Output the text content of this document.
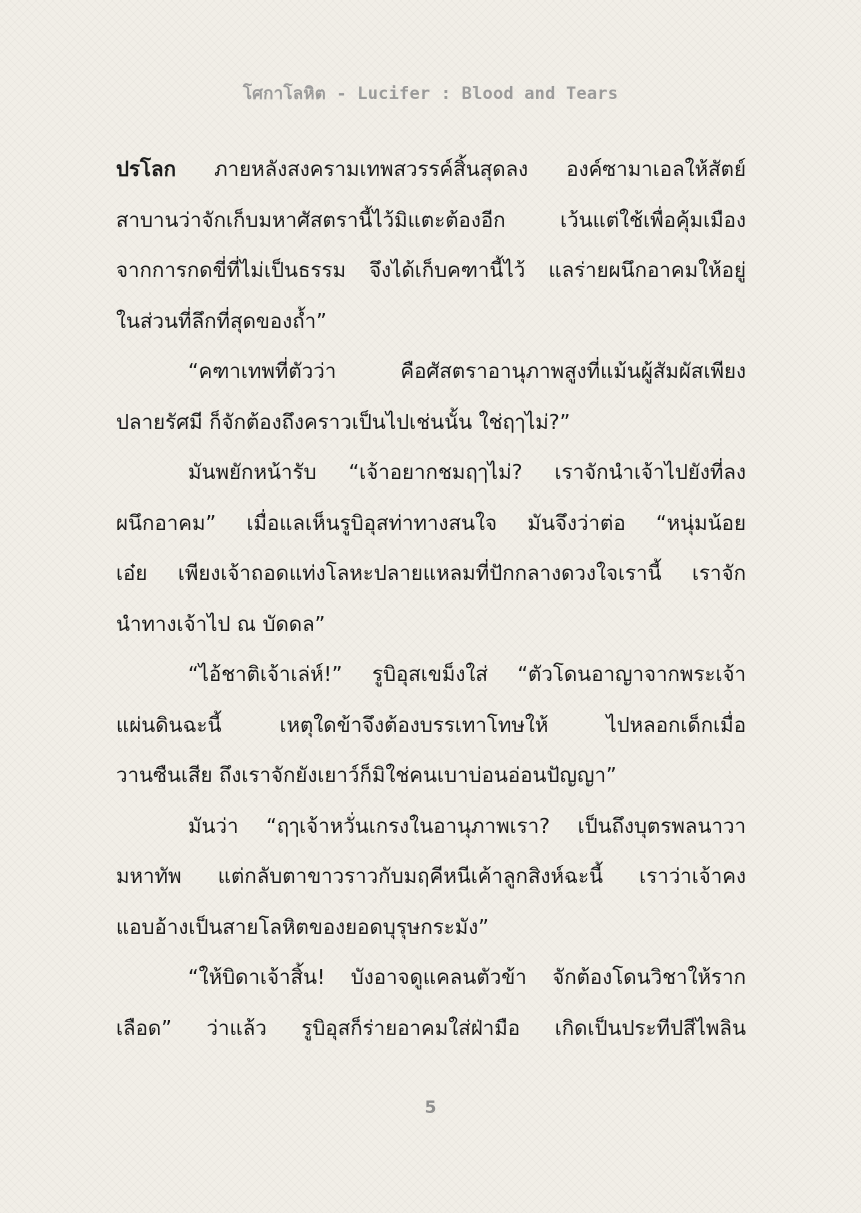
โศกาโลหิต - Lucifer : Blood and Tears
ปรโลก ภายหลังสงครามเทพสวรรค์สิ้นสุดลง องค์ซามาเอลให้สัตย์
สาบานว่าจักเก็บมหาศัสตรานี้ไว้มิแตะต้องอีก เว้นแต่ใช้เพื่อคุ้มเมือง
จากการกดขี่ที่ไม่เป็นธรรม จึงได้เก็บคฑานี้ไว้ แลร่ายผนึกอาคมให้อยู่
ในส่วนที่ลึกที่สุดของถ้ำ”
“คฑาเทพที่ตัวว่า คือศัสตราอานุภาพสูงที่แม้นผู้สัมผัสเพียง
ปลายรัศมี ก็จักต้องถึงคราวเป็นไปเช่นนั้น ใช่ฤๅไม่?”
มันพยักหน้ารับ “เจ้าอยากชมฤๅไม่? เราจักนำเจ้าไปยังที่ลง
ผนึกอาคม” เมื่อแลเห็นรูบิอุสท่าทางสนใจ มันจึงว่าต่อ “หนุ่มน้อย
เอ๋ย เพียงเจ้าถอดแท่งโลหะปลายแหลมที่ปักกลางดวงใจเรานี้ เราจัก
นำทางเจ้าไป ณ บัดดล”
“ไอ้ชาติเจ้าเล่ห์!” รูบิอุสเขม็งใส่ “ตัวโดนอาญาจากพระเจ้า
แผ่นดินฉะนี้ เหตุใดข้าจึงต้องบรรเทาโทษให้ ไปหลอกเด็กเมื่อ
วานซืนเสีย ถึงเราจักยังเยาว์ก็มิใช่คนเบาบ่อนอ่อนปัญญา”
มันว่า “ฤๅเจ้าหวั่นเกรงในอานุภาพเรา? เป็นถึงบุตรพลนาวา
มหาทัพ แต่กลับตาขาวราวกับมฤคีหนีเค้าลูกสิงห์ฉะนี้ เราว่าเจ้าคง
แอบอ้างเป็นสายโลหิตของยอดบุรุษกระมัง”
“ให้บิดาเจ้าสิ้น! บังอาจดูแคลนตัวข้า จักต้องโดนวิชาให้ราก
เลือด” ว่าแล้ว รูบิอุสก็ร่ายอาคมใส่ฝ่ามือ เกิดเป็นประทีปสีไพลิน
5
